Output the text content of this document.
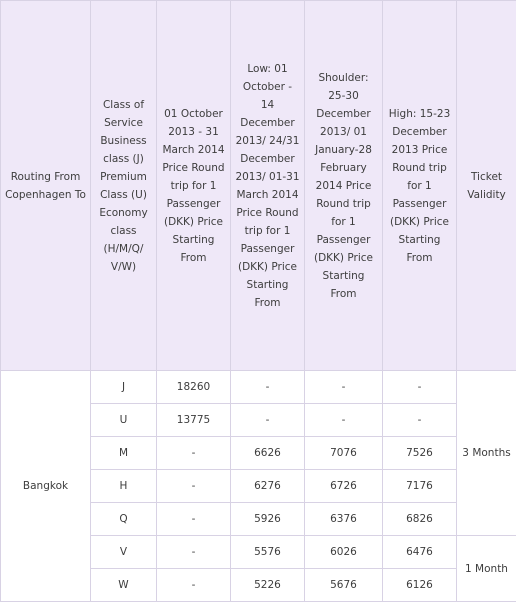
Routing From Copenhagen To	Class of Service Business class (J) Premium Class (U) Economy class (H/M/Q/ V/W)	01 October 2013 - 31 March 2014 Price Round trip for 1 Passenger (DKK) Price Starting From	Low: 01 October - 14 December 2013/ 24/31 December 2013/ 01-31 March 2014 Price Round trip for 1 Passenger (DKK) Price Starting From	Shoulder: 25-30 December 2013/ 01 January-28 February 2014 Price Round trip for 1 Passenger (DKK) Price Starting From	High: 15-23 December 2013 Price Round trip for 1 Passenger (DKK) Price Starting From	Ticket Validity
Bangkok	J	18260	-	-	-	3 Months
	U	13775	-	-	-	
	M	-	6626	7076	7526	
	H	-	6276	6726	7176	
	Q	-	5926	6376	6826	
	V	-	5576	6026	6476	1 Month
	W	-	5226	5676	6126	
